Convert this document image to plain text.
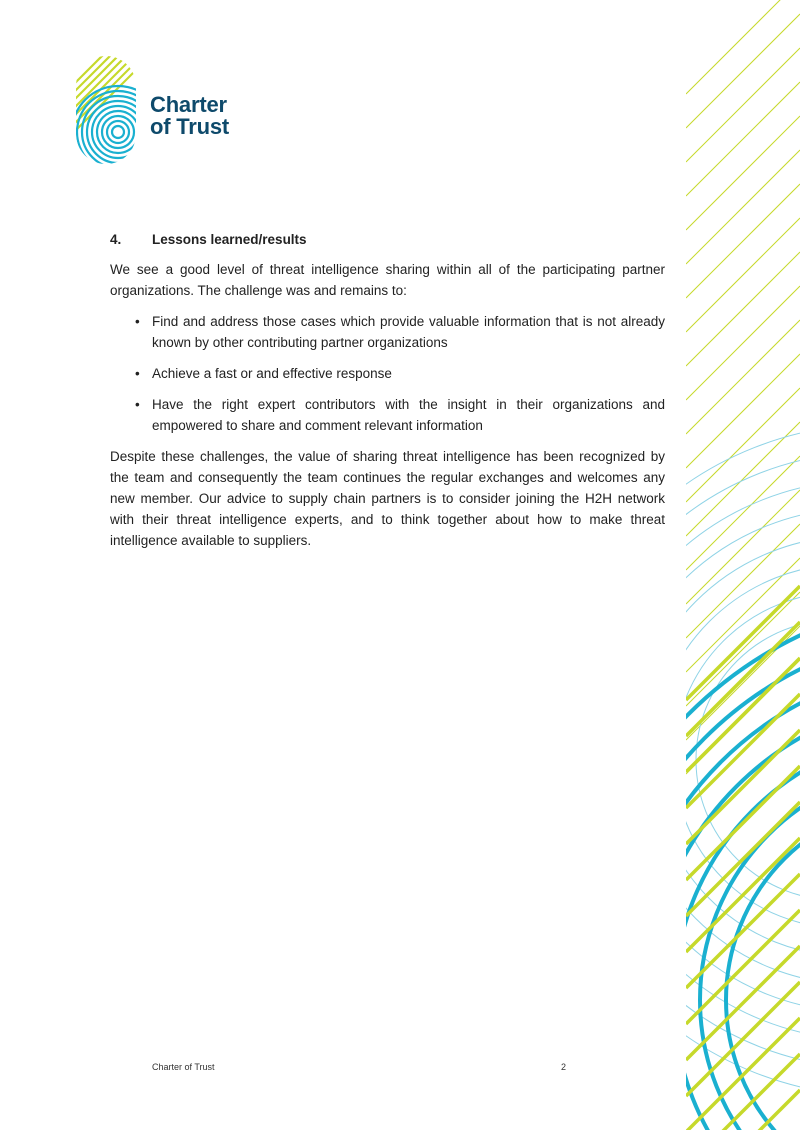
Charter
of Trust
4.	Lessons learned/results

We see a good level of threat intelligence sharing within all of the participating partner organizations. The challenge was and remains to:

• Find and address those cases which provide valuable information that is not already known by other contributing partner organizations
• Achieve a fast or and effective response
• Have the right expert contributors with the insight in their organizations and empowered to share and comment relevant information

Despite these challenges, the value of sharing threat intelligence has been recognized by the team and consequently the team continues the regular exchanges and welcomes any new member. Our advice to supply chain partners is to consider joining the H2H network with their threat intelligence experts, and to think together about how to make threat intelligence available to suppliers.

Charter of Trust	2
